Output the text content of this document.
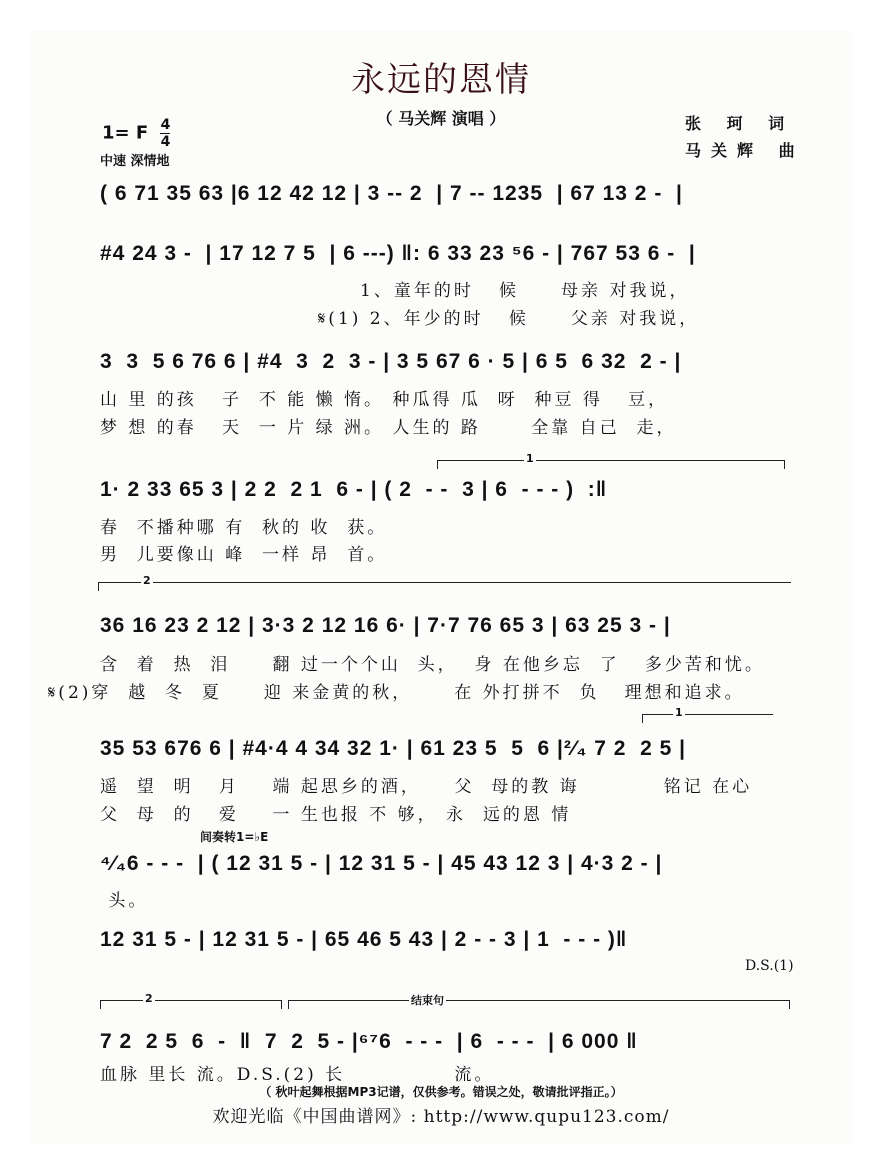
永远的恩情
（ 马关辉 演唱 ）
1= F $\frac{4}{4}$
中速 深情地
张 珂 词
马关辉 曲
( 6 71 35 63 |6 12 42 12 | 3 -- 2  | 7 -- 1235  | 67 13 2 -  |
#4 24 3 -  | 17 12 7 5  | 6 ---) ‖: 6 33 23 ⁵6 - | 767 53 6 -  |
1、童年的时   候     母亲 对我说，
𝄋(1) 2、年少的时   候     父亲 对我说，
3  3  5 6 76 6 | #4  3  2  3 - | 3 5 67 6 · 5 | 6 5  6 32  2 - |
山 里 的孩   子  不 能 懒 惰。 种瓜得 瓜  呀  种豆 得   豆，
梦 想 的春   天  一 片 绿 洲。 人生的 路      全靠 自己  走，
1
1· 2 33 65 3 | 2 2  2 1  6 - | ( 2  - -  3 | 6  - - - )  :‖
春  不播种哪 有  秋的 收  获。
男  儿要像山 峰  一样 昂  首。
2
36 16 23 2 12 | 3·3 2 12 16 6· | 7·7 76 65 3 | 63 25 3 - |
含  着  热  泪     翻 过一个个山  头，  身 在他乡忘  了   多少苦和忧。
𝄋(2)穿  越  冬  夏     迎 来金黄的秋，     在 外打拼不  负   理想和追求。
1
35 53 676 6 | #4·4 4 34 32 1· | 61 23 5  5  6 |²⁄₄ 7 2  2 5 |
遥  望  明   月    端 起思乡的酒，    父  母的教 诲          铭记 在心
父  母  的   爱    一 生也报 不 够， 永  远的恩 情
间奏转1=♭E
⁴⁄₄6 - - -  | ( 12 31 5 - | 12 31 5 - | 45 43 12 3 | 4·3 2 - |
头。
12 31 5 - | 12 31 5 - | 65 46 5 43 | 2 - - 3 | 1  - - - )‖
D.S.(1)
2	结束句
7 2  2 5  6  -  ‖  7  2  5 - |⁶⁷6  - - -  | 6  - - -  | 6 000 ‖
血脉 里长 流。D.S.(2) 长             流。
（ 秋叶起舞根据MP3记谱，仅供参考。错误之处，敬请批评指正。）
欢迎光临《中国曲谱网》: http://www.qupu123.com/
